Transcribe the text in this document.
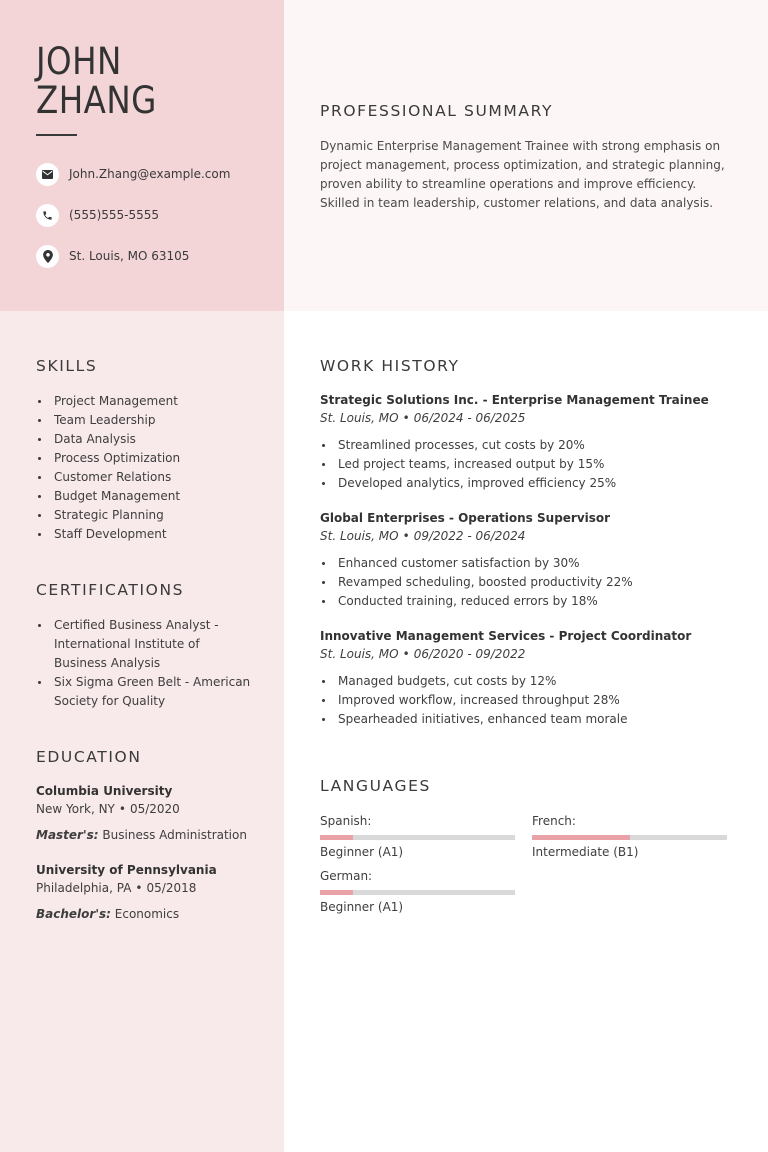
JOHN
ZHANG
John.Zhang@example.com
(555)555-5555
St. Louis, MO 63105
PROFESSIONAL SUMMARY
Dynamic Enterprise Management Trainee with strong emphasis on project management, process optimization, and strategic planning, proven ability to streamline operations and improve efficiency. Skilled in team leadership, customer relations, and data analysis.
SKILLS
Project Management
Team Leadership
Data Analysis
Process Optimization
Customer Relations
Budget Management
Strategic Planning
Staff Development
CERTIFICATIONS
Certified Business Analyst - International Institute of Business Analysis
Six Sigma Green Belt - American Society for Quality
EDUCATION
Columbia University
New York, NY • 05/2020
Master's: Business Administration
University of Pennsylvania
Philadelphia, PA • 05/2018
Bachelor's: Economics
WORK HISTORY
Strategic Solutions Inc. - Enterprise Management Trainee
St. Louis, MO • 06/2024 - 06/2025
Streamlined processes, cut costs by 20%
Led project teams, increased output by 15%
Developed analytics, improved efficiency 25%
Global Enterprises - Operations Supervisor
St. Louis, MO • 09/2022 - 06/2024
Enhanced customer satisfaction by 30%
Revamped scheduling, boosted productivity 22%
Conducted training, reduced errors by 18%
Innovative Management Services - Project Coordinator
St. Louis, MO • 06/2020 - 09/2022
Managed budgets, cut costs by 12%
Improved workflow, increased throughput 28%
Spearheaded initiatives, enhanced team morale
LANGUAGES
Spanish:
Beginner (A1)
French:
Intermediate (B1)
German:
Beginner (A1)
